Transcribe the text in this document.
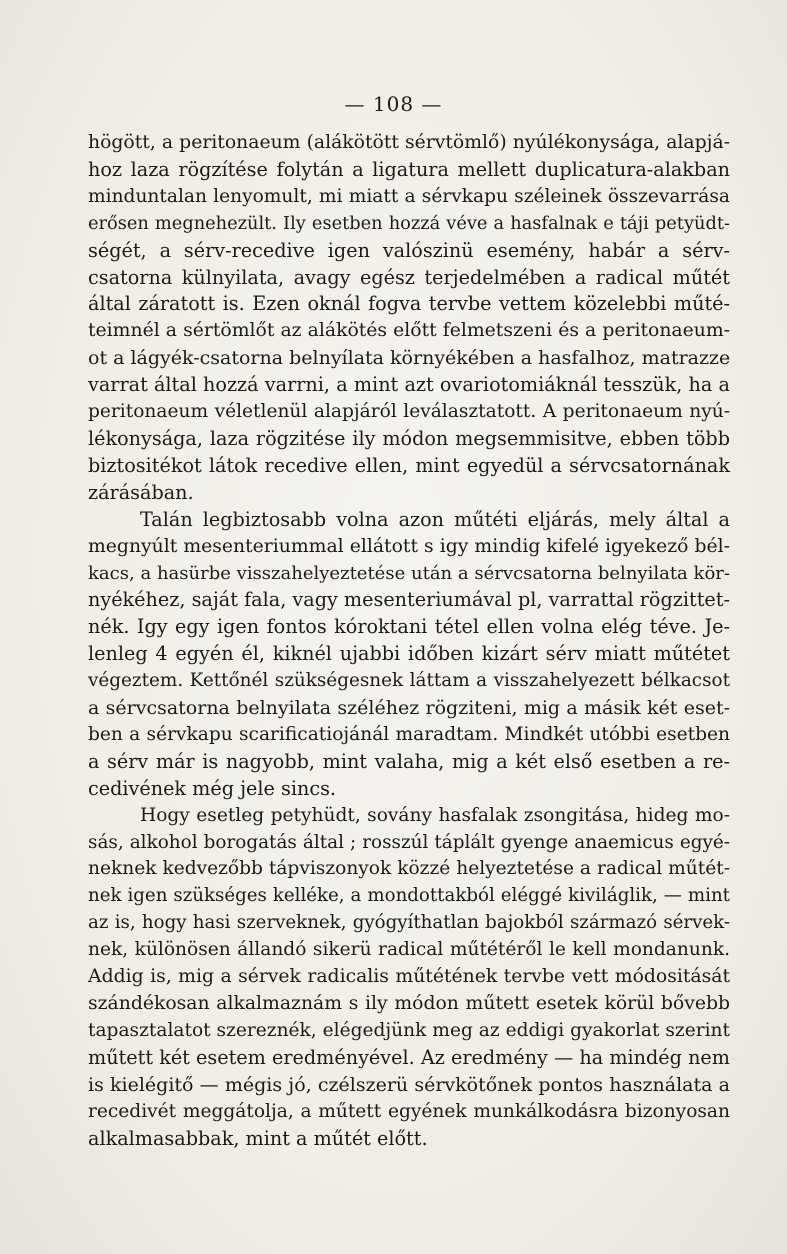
— 108 —
högött, a peritonaeum (alákötött sérvtömlő) nyúlékonysága, alapjá-
hoz laza rögzítése folytán a ligatura mellett duplicatura-alakban
minduntalan lenyomult, mi miatt a sérvkapu széleinek összevarrása
erősen megnehezült. Ily esetben hozzá véve a hasfalnak e táji petyüdt-
ségét, a sérv-recedive igen valószinü esemény, habár a sérv-
csatorna külnyilata, avagy egész terjedelmében a radical műtét
által záratott is. Ezen oknál fogva tervbe vettem közelebbi műté-
teimnél a sértömlőt az alákötés előtt felmetszeni és a peritonaeum-
ot a lágyék-csatorna belnyílata környékében a hasfalhoz, matrazze
varrat által hozzá varrni, a mint azt ovariotomiáknál tesszük, ha a
peritonaeum véletlenül alapjáról leválasztatott. A peritonaeum nyú-
lékonysága, laza rögzitése ily módon megsemmisitve, ebben több
biztositékot látok recedive ellen, mint egyedül a sérvcsatornának
zárásában.
Talán legbiztosabb volna azon műtéti eljárás, mely által a
megnyúlt mesenteriummal ellátott s igy mindig kifelé igyekező bél-
kacs, a hasürbe visszahelyeztetése után a sérvcsatorna belnyilata kör-
nyékéhez, saját fala, vagy mesenteriumával pl, varrattal rögzittet-
nék. Igy egy igen fontos kóroktani tétel ellen volna elég téve. Je-
lenleg 4 egyén él, kiknél ujabbi időben kizárt sérv miatt műtétet
végeztem. Kettőnél szükségesnek láttam a visszahelyezett bélkacsot
a sérvcsatorna belnyilata széléhez rögziteni, mig a másik két eset-
ben a sérvkapu scarificatiojánál maradtam. Mindkét utóbbi esetben
a sérv már is nagyobb, mint valaha, mig a két első esetben a re-
cedivének még jele sincs.
Hogy esetleg petyhüdt, sovány hasfalak zsongitása, hideg mo-
sás, alkohol borogatás által ; rosszúl táplált gyenge anaemicus egyé-
neknek kedvezőbb tápviszonyok közzé helyeztetése a radical műtét-
nek igen szükséges kelléke, a mondottakból eléggé kiviláglik, — mint
az is, hogy hasi szerveknek, gyógyíthatlan bajokból származó sérvek-
nek, különösen állandó sikerü radical műtétéről le kell mondanunk.
Addig is, mig a sérvek radicalis műtétének tervbe vett módositását
szándékosan alkalmaznám s ily módon műtett esetek körül bővebb
tapasztalatot szereznék, elégedjünk meg az eddigi gyakorlat szerint
műtett két esetem eredményével. Az eredmény — ha mindég nem
is kielégitő — mégis jó, czélszerü sérvkötőnek pontos használata a
recedivét meggátolja, a műtett egyének munkálkodásra bizonyosan
alkalmasabbak, mint a műtét előtt.
